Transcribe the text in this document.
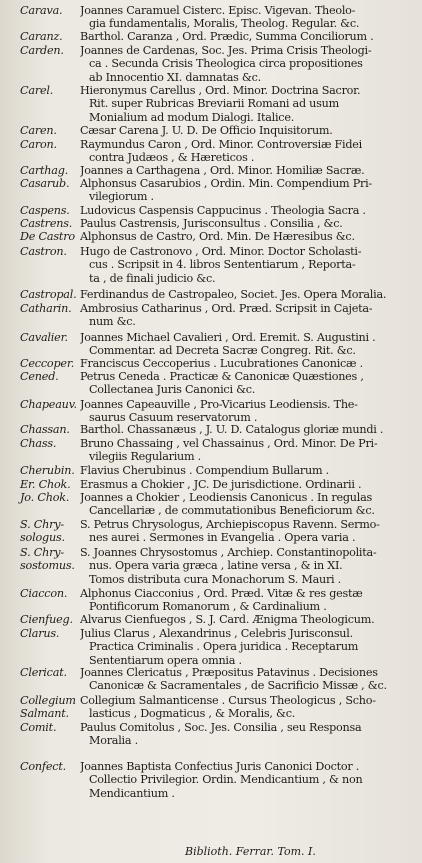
Carava.	Joannes Caramuel Cisterc. Episc. Vigevan. Theolo-
gia fundamentalis, Moralis, Theolog. Regular. &c.
Caranz.	Barthol. Caranza , Ord. Prædic, Summa Conciliorum .
Carden.	Joannes de Cardenas, Soc. Jes. Prima Crisis Theologi-
ca . Secunda Crisis Theologica circa propositiones
ab Innocentio XI. damnatas &c.
Carel.	Hieronymus Carellus , Ord. Minor. Doctrina Sacror.
Rit. super Rubricas Breviarii Romani ad usum
Monialium ad modum Dialogi. Italice.
Caren.	Cæsar Carena J. U. D. De Officio Inquisitorum.
Caron.	Raymundus Caron , Ord. Minor. Controversiæ Fidei
contra Judæos , & Hæreticos .
Carthag.	Joannes a Carthagena , Ord. Minor. Homiliæ Sacræ.
Casarub. Alphonsus Casarubios , Ordin. Min. Compendium Pri-
vilegiorum .
Caspens. Ludovicus Caspensis Cappucinus . Theologia Sacra .
Castrens. Paulus Castrensis, Jurisconsultus . Consilia , &c.
De Castro Alphonsus de Castro, Ord. Min. De Hæresibus &c.
Castron.	Hugo de Castronovo , Ord. Minor. Doctor Scholasti-
cus . Scripsit in 4. libros Sententiarum , Reporta-
ta , de finali judicio &c.
Castropal. Ferdinandus de Castropaleo, Societ. Jes. Opera Moralia.
Catharin. Ambrosius Catharinus , Ord. Præd. Scripsit in Cajeta-
num &c.
Cavalier.	Joannes Michael Cavalieri , Ord. Eremit. S. Augustini .
Commentar. ad Decreta Sacræ Congreg. Rit. &c.
Ceccoper. Franciscus Ceccoperius . Lucubrationes Canonicæ .
Cened.	Petrus Ceneda . Practicæ & Canonicæ Quæstiones ,
Collectanea Juris Canonici &c.
Chapeauv. Joannes Capeauville , Pro-Vicarius Leodiensis. The-
saurus Casuum reservatorum .
Chassan. Barthol. Chassanæus , J. U. D. Catalogus gloriæ mundi .
Chass.	Bruno Chassaing , vel Chassainus , Ord. Minor. De Pri-
vilegiis Regularium .
Cherubin. Flavius Cherubinus . Compendium Bullarum .
Er. Chok. Erasmus a Chokier , JC. De jurisdictione. Ordinarii .
Jo. Chok. Joannes a Chokier , Leodiensis Canonicus . In regulas
Cancellariæ , de commutationibus Beneficiorum &c.
S. Chry-
sologus.
S. Petrus Chrysologus, Archiepiscopus Ravenn. Sermo-
nes aurei . Sermones in Evangelia . Opera varia .
S. Chry-
sostomus.
S. Joannes Chrysostomus , Archiep. Constantinopolita-
nus. Opera varia græca , latine versa , & in XI.
Tomos distributa cura Monachorum S. Mauri .
Ciaccon.	Alphonus Ciacconius , Ord. Præd. Vitæ & res gestæ
Pontificorum Romanorum , & Cardinalium .
Cienfueg. Alvarus Cienfuegos , S. J. Card. Ænigma Theologicum.
Clarus.	Julius Clarus , Alexandrinus , Celebris Jurisconsul.
Practica Criminalis . Opera juridica . Receptarum
Sententiarum opera omnia .
Clericat.	Joannes Clericatus , Præpositus Patavinus . Decisiones
Canonicæ & Sacramentales , de Sacrificio Missæ , &c.
Collegium
Salmant.
Collegium Salmanticense . Cursus Theologicus , Scho-
lasticus , Dogmaticus , & Moralis, &c.
Comit.	Paulus Comitolus , Soc. Jes. Consilia , seu Responsa
Moralia .
Confect.	Joannes Baptista Confectius Juris Canonici Doctor .
Collectio Privilegior. Ordin. Mendicantium , & non
Mendicantium .
Biblioth. Ferrar. Tom. I.
